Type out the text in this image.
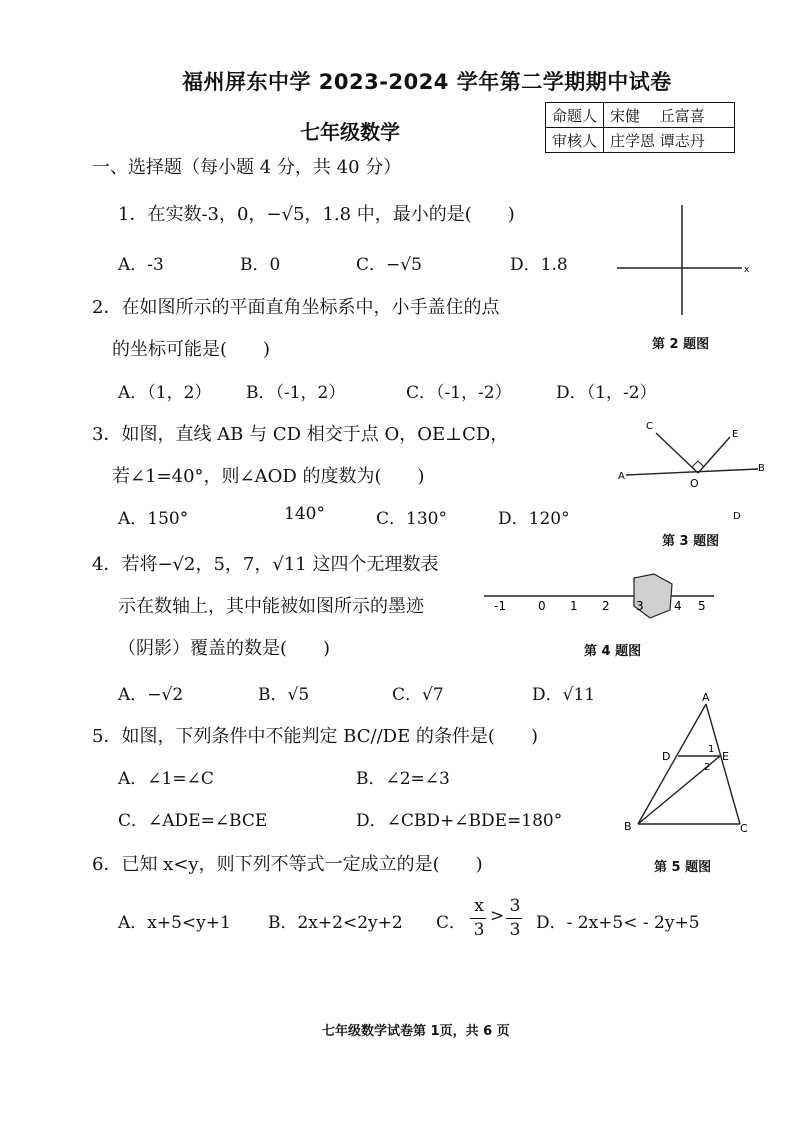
福州屏东中学 2023-2024 学年第二学期期中试卷
七年级数学
命题人	宋健　 丘富喜
审核人	庄学恩 谭志丹
一、选择题（每小题 4 分，共 40 分）
1．在实数-3，0，−√5，1.8 中，最小的是(　　)
A．-3	B．0	C．−√5	D．1.8	x
第 2 题图
2．在如图所示的平面直角坐标系中，小手盖住的点
的坐标可能是(　　)
A．（1，2） B．（-1，2）	C．（-1，-2）	D．（1，-2）
3．如图，直线 AB 与 CD 相交于点 O，OE⊥CD，
若∠1=40°，则∠AOD 的度数为(　　)
A．150°	140°	C．130°	D．120°
C
E
A
B
O
D
第 3 题图
4．若将−√2，5，7，√11 这四个无理数表
示在数轴上，其中能被如图所示的墨迹
（阴影）覆盖的数是(　　)
A．−√2	B．√5	C．√7	D．√11
-1	0 1 2 3	4 5
第 4 题图
5．如图，下列条件中不能判定 BC//DE 的条件是(　　)
A．∠1=∠C	B．∠2=∠3
C．∠ADE=∠BCE	D．∠CBD+∠BDE=180°
A
D	E
B	C
1
2
第 5 题图
6．已知 x<y，则下列不等式一定成立的是(　　)
A．x+5<y+1 B．2x+2<2y+2 C．
x
3
> 3
3 D．- 2x+5< - 2y+5
七年级数学试卷第 1页，共 6 页
